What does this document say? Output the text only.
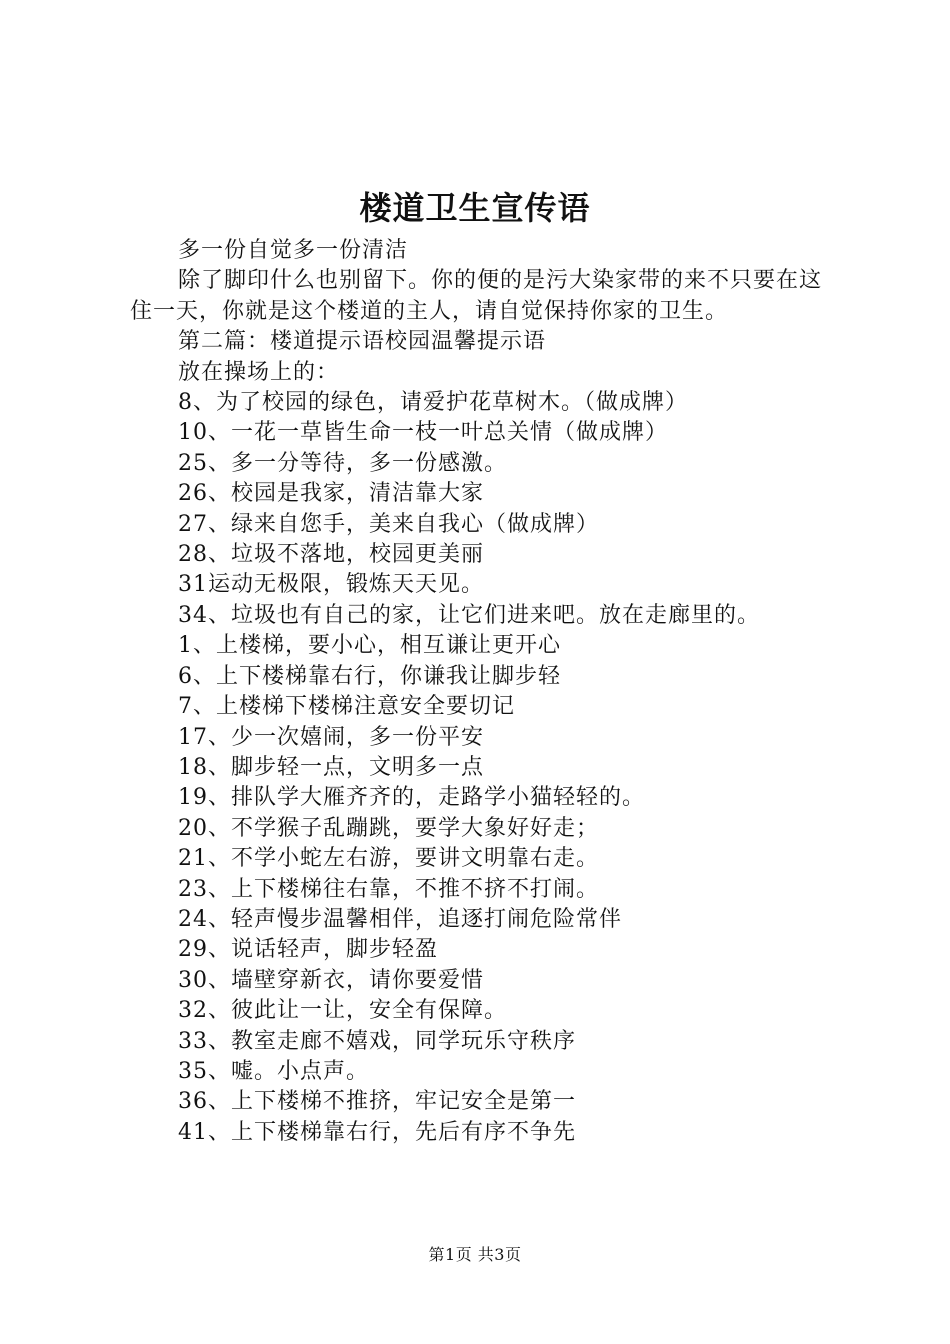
楼道卫生宣传语

多一份自觉多一份清洁

除了脚印什么也别留下。你的便的是污大染家带的来不只要在这住一天，你就是这个楼道的主人，请自觉保持你家的卫生。

第二篇：楼道提示语校园温馨提示语

放在操场上的：

8、为了校园的绿色，请爱护花草树木。（做成牌）

10、一花一草皆生命一枝一叶总关情（做成牌）

25、多一分等待，多一份感激。

26、校园是我家，清洁靠大家

27、绿来自您手，美来自我心（做成牌）

28、垃圾不落地，校园更美丽

31运动无极限，锻炼天天见。

34、垃圾也有自己的家，让它们进来吧。放在走廊里的。

1、上楼梯，要小心，相互谦让更开心

6、上下楼梯靠右行，你谦我让脚步轻

7、上楼梯下楼梯注意安全要切记

17、少一次嬉闹，多一份平安

18、脚步轻一点，文明多一点

19、排队学大雁齐齐的，走路学小猫轻轻的。

20、不学猴子乱蹦跳，要学大象好好走；

21、不学小蛇左右游，要讲文明靠右走。

23、上下楼梯往右靠，不推不挤不打闹。

24、轻声慢步温馨相伴，追逐打闹危险常伴

29、说话轻声，脚步轻盈

30、墙壁穿新衣，请你要爱惜

32、彼此让一让，安全有保障。

33、教室走廊不嬉戏，同学玩乐守秩序

35、嘘。小点声。

36、上下楼梯不推挤，牢记安全是第一

41、上下楼梯靠右行，先后有序不争先

第1页 共3页
